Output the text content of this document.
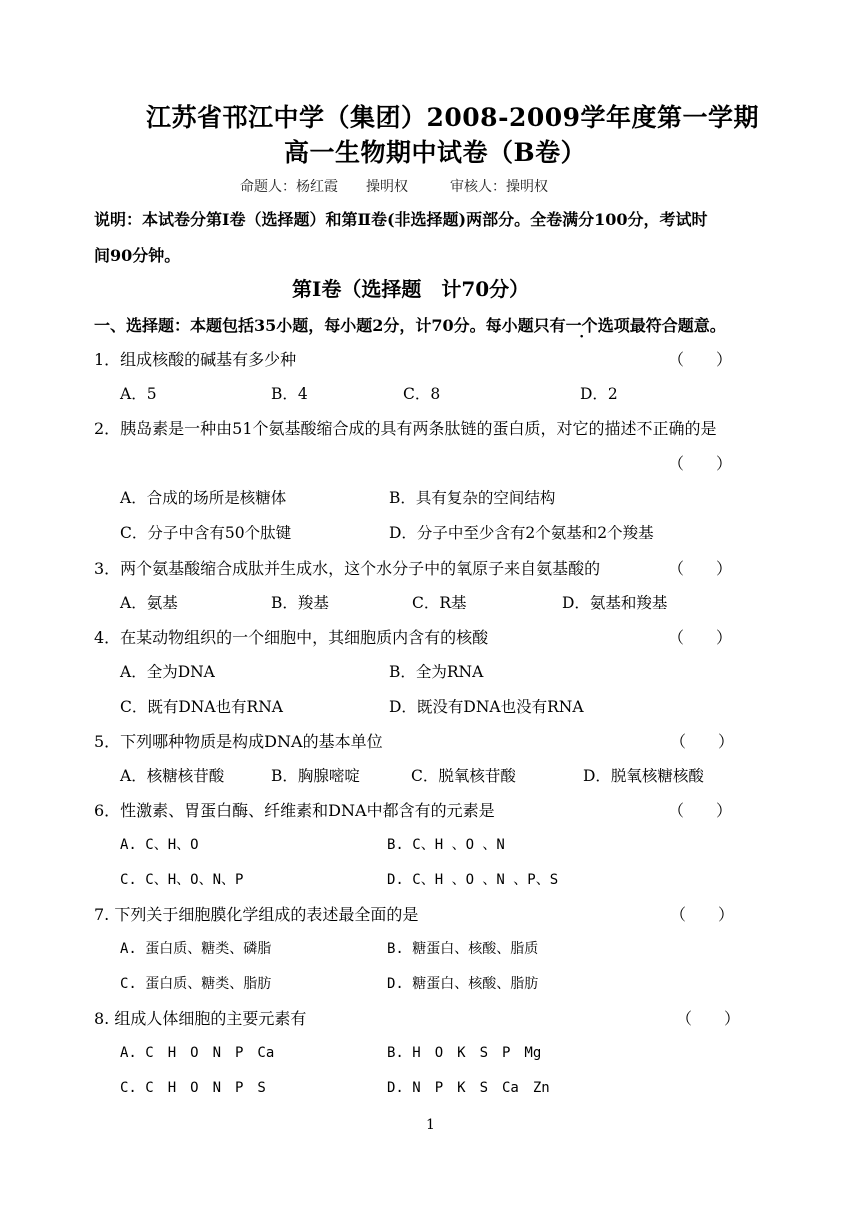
江苏省邗江中学（集团）2008-2009学年度第一学期
高一生物期中试卷（B卷）
命题人：杨红霞　　操明权　　　审核人：操明权
说明：本试卷分第Ⅰ卷（选择题）和第Ⅱ卷(非选择题)两部分。全卷满分100分，考试时
间90分钟。
第Ⅰ卷（选择题　计70分）
一、选择题：本题包括35小题，每小题2分，计70分。每小题只有一个选项最符合题意。
1．组成核酸的碱基有多少种	（　　）
A．5	B．4	C．8	D．2
2．胰岛素是一种由51个氨基酸缩合成的具有两条肽链的蛋白质，对它的描述不正确的是
（　　）
A．合成的场所是核糖体	B．具有复杂的空间结构
C．分子中含有50个肽键	D．分子中至少含有2个氨基和2个羧基
3．两个氨基酸缩合成肽并生成水，这个水分子中的氧原子来自氨基酸的	（　　）
A．氨基	B．羧基	C．R基	D．氨基和羧基
4．在某动物组织的一个细胞中，其细胞质内含有的核酸	（　　）
A．全为DNA	B．全为RNA
C．既有DNA也有RNA	D．既没有DNA也没有RNA
5．下列哪种物质是构成DNA的基本单位	（　　）
A．核糖核苷酸	B．胸腺嘧啶	C．脱氧核苷酸	D．脱氧核糖核酸
6．性激素、胃蛋白酶、纤维素和DNA中都含有的元素是	（　　）
A. C、H、O	B. C、H 、O 、N
C. C、H、O、N、P	D. C、H 、O 、N 、P、S
7. 下列关于细胞膜化学组成的表述最全面的是	（　　）
A. 蛋白质、糖类、磷脂	B. 糖蛋白、核酸、脂质
C. 蛋白质、糖类、脂肪	D. 糖蛋白、核酸、脂肪
8. 组成人体细胞的主要元素有	（　　）
A. C　H　O　N　P　Ca	B. H　O　K　S　P　Mg
C. C　H　O　N　P　S	D. N　P　K　S　Ca　Zn
1
